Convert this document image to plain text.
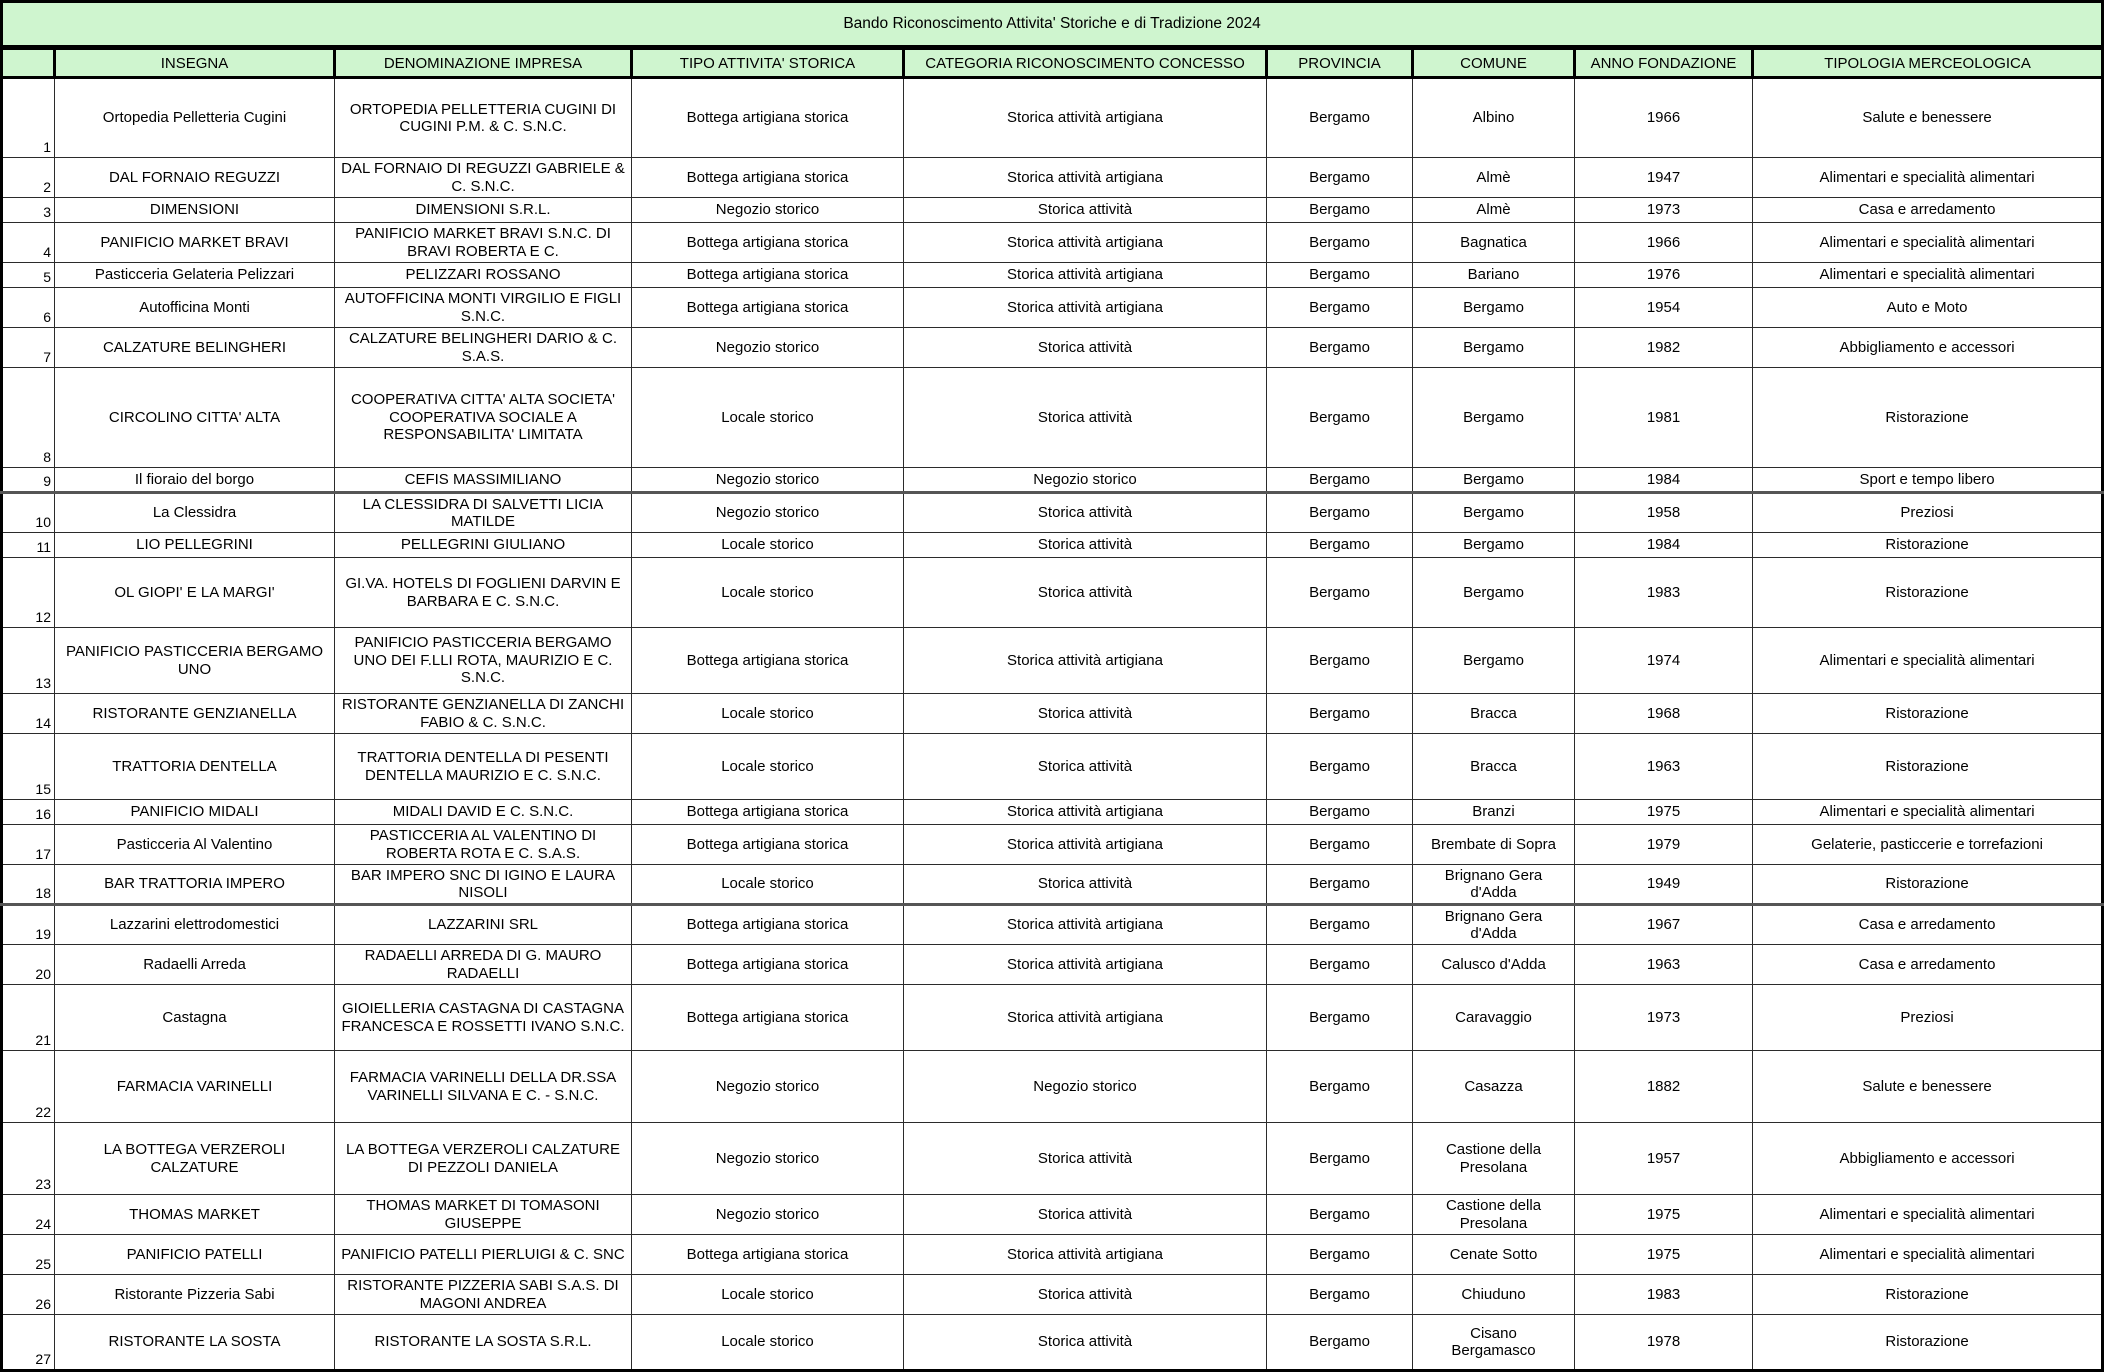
Bando Riconoscimento Attivita' Storiche e di Tradizione 2024								
	INSEGNA	DENOMINAZIONE IMPRESA	TIPO ATTIVITA' STORICA	CATEGORIA RICONOSCIMENTO CONCESSO	PROVINCIA	COMUNE	ANNO FONDAZIONE	TIPOLOGIA MERCEOLOGICA
1	Ortopedia Pelletteria Cugini	ORTOPEDIA PELLETTERIA CUGINI DI CUGINI P.M. & C. S.N.C.	Bottega artigiana storica	Storica attività artigiana	Bergamo	Albino	1966	Salute e benessere
2	DAL FORNAIO REGUZZI	DAL FORNAIO DI REGUZZI GABRIELE & C. S.N.C.	Bottega artigiana storica	Storica attività artigiana	Bergamo	Almè	1947	Alimentari e specialità alimentari
3	DIMENSIONI	DIMENSIONI S.R.L.	Negozio storico	Storica attività	Bergamo	Almè	1973	Casa e arredamento
4	PANIFICIO MARKET BRAVI	PANIFICIO MARKET BRAVI S.N.C. DI BRAVI ROBERTA E C.	Bottega artigiana storica	Storica attività artigiana	Bergamo	Bagnatica	1966	Alimentari e specialità alimentari
5	Pasticceria Gelateria Pelizzari	PELIZZARI ROSSANO	Bottega artigiana storica	Storica attività artigiana	Bergamo	Bariano	1976	Alimentari e specialità alimentari
6	Autofficina Monti	AUTOFFICINA MONTI VIRGILIO E FIGLI S.N.C.	Bottega artigiana storica	Storica attività artigiana	Bergamo	Bergamo	1954	Auto e Moto
7	CALZATURE BELINGHERI	CALZATURE BELINGHERI DARIO & C. S.A.S.	Negozio storico	Storica attività	Bergamo	Bergamo	1982	Abbigliamento e accessori
8	CIRCOLINO CITTA' ALTA	COOPERATIVA CITTA' ALTA SOCIETA' COOPERATIVA SOCIALE A RESPONSABILITA' LIMITATA	Locale storico	Storica attività	Bergamo	Bergamo	1981	Ristorazione
9	Il fioraio del borgo	CEFIS MASSIMILIANO	Negozio storico	Negozio storico	Bergamo	Bergamo	1984	Sport e tempo libero
10	La Clessidra	LA CLESSIDRA DI SALVETTI LICIA MATILDE	Negozio storico	Storica attività	Bergamo	Bergamo	1958	Preziosi
11	LIO PELLEGRINI	PELLEGRINI GIULIANO	Locale storico	Storica attività	Bergamo	Bergamo	1984	Ristorazione
12	OL GIOPI' E LA MARGI'	GI.VA. HOTELS DI FOGLIENI DARVIN E BARBARA E C. S.N.C.	Locale storico	Storica attività	Bergamo	Bergamo	1983	Ristorazione
13	PANIFICIO PASTICCERIA BERGAMO UNO	PANIFICIO PASTICCERIA BERGAMO UNO DEI F.LLI ROTA, MAURIZIO E C. S.N.C.	Bottega artigiana storica	Storica attività artigiana	Bergamo	Bergamo	1974	Alimentari e specialità alimentari
14	RISTORANTE GENZIANELLA	RISTORANTE GENZIANELLA DI ZANCHI FABIO & C. S.N.C.	Locale storico	Storica attività	Bergamo	Bracca	1968	Ristorazione
15	TRATTORIA DENTELLA	TRATTORIA DENTELLA DI PESENTI DENTELLA MAURIZIO E C. S.N.C.	Locale storico	Storica attività	Bergamo	Bracca	1963	Ristorazione
16	PANIFICIO MIDALI	MIDALI DAVID E C. S.N.C.	Bottega artigiana storica	Storica attività artigiana	Bergamo	Branzi	1975	Alimentari e specialità alimentari
17	Pasticceria Al Valentino	PASTICCERIA AL VALENTINO DI ROBERTA ROTA E C. S.A.S.	Bottega artigiana storica	Storica attività artigiana	Bergamo	Brembate di Sopra	1979	Gelaterie, pasticcerie e torrefazioni
18	BAR TRATTORIA IMPERO	BAR IMPERO SNC DI IGINO E LAURA NISOLI	Locale storico	Storica attività	Bergamo	Brignano Gera d'Adda	1949	Ristorazione
19	Lazzarini elettrodomestici	LAZZARINI SRL	Bottega artigiana storica	Storica attività artigiana	Bergamo	Brignano Gera d'Adda	1967	Casa e arredamento
20	Radaelli Arreda	RADAELLI ARREDA DI G. MAURO RADAELLI	Bottega artigiana storica	Storica attività artigiana	Bergamo	Calusco d'Adda	1963	Casa e arredamento
21	Castagna	GIOIELLERIA CASTAGNA DI CASTAGNA FRANCESCA E ROSSETTI IVANO S.N.C.	Bottega artigiana storica	Storica attività artigiana	Bergamo	Caravaggio	1973	Preziosi
22	FARMACIA VARINELLI	FARMACIA VARINELLI DELLA DR.SSA VARINELLI SILVANA E C. - S.N.C.	Negozio storico	Negozio storico	Bergamo	Casazza	1882	Salute e benessere
23	LA BOTTEGA VERZEROLI CALZATURE	LA BOTTEGA VERZEROLI CALZATURE DI PEZZOLI DANIELA	Negozio storico	Storica attività	Bergamo	Castione della Presolana	1957	Abbigliamento e accessori
24	THOMAS MARKET	THOMAS MARKET DI TOMASONI GIUSEPPE	Negozio storico	Storica attività	Bergamo	Castione della Presolana	1975	Alimentari e specialità alimentari
25	PANIFICIO PATELLI	PANIFICIO PATELLI PIERLUIGI & C. SNC	Bottega artigiana storica	Storica attività artigiana	Bergamo	Cenate Sotto	1975	Alimentari e specialità alimentari
26	Ristorante Pizzeria Sabi	RISTORANTE PIZZERIA SABI S.A.S. DI MAGONI ANDREA	Locale storico	Storica attività	Bergamo	Chiuduno	1983	Ristorazione
27	RISTORANTE LA SOSTA	RISTORANTE LA SOSTA S.R.L.	Locale storico	Storica attività	Bergamo	Cisano Bergamasco	1978	Ristorazione
